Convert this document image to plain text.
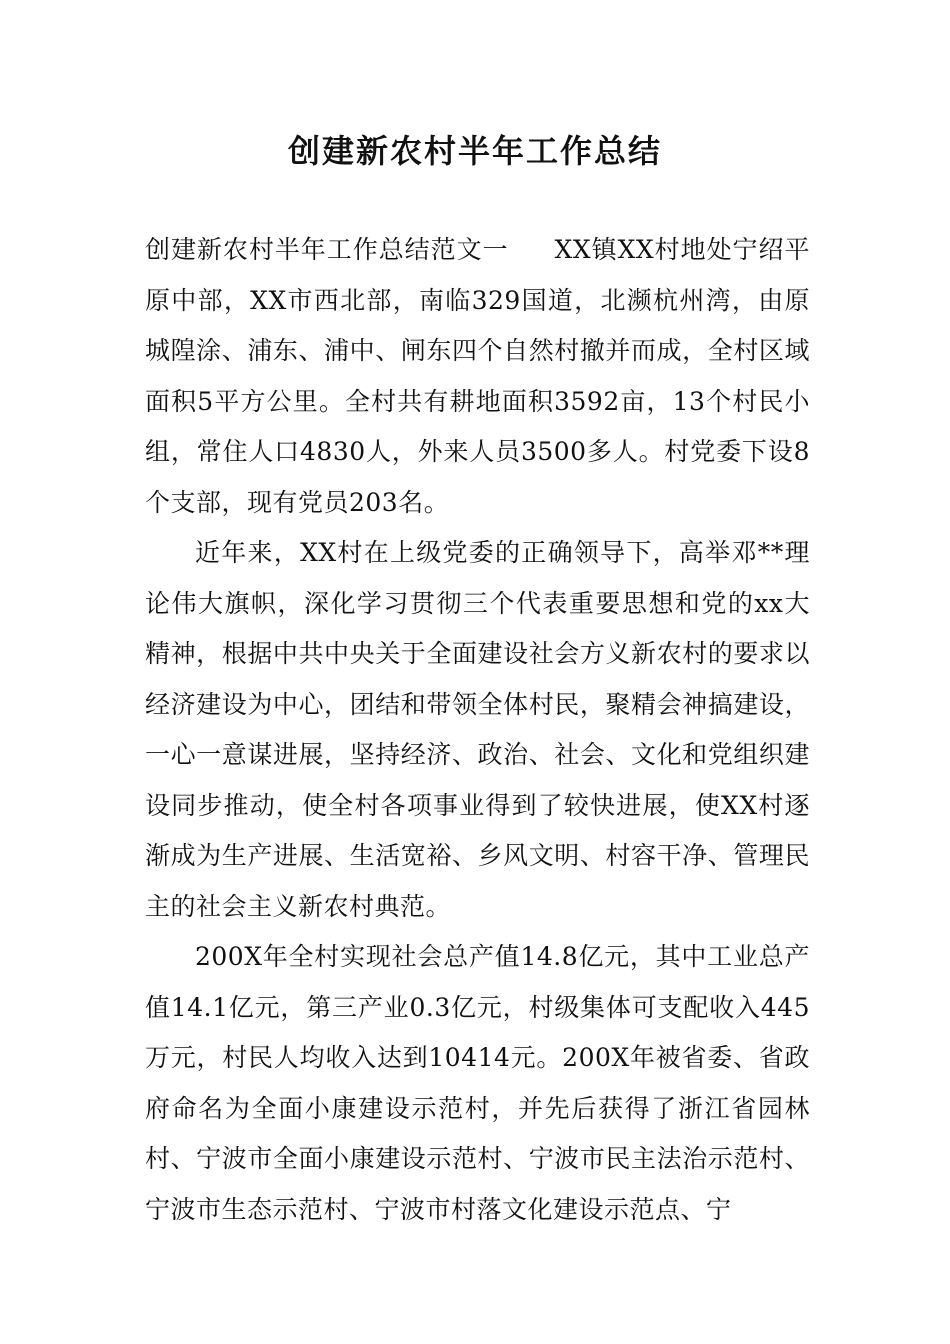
创建新农村半年工作总结

创建新农村半年工作总结范文一 XX镇XX村地处宁绍平原中部，XX市西北部，南临329国道，北濒杭州湾，由原城隍涂、浦东、浦中、闸东四个自然村撤并而成，全村区域面积5平方公里。全村共有耕地面积3592亩，13个村民小组，常住人口4830人，外来人员3500多人。村党委下设8个支部，现有党员203名。

近年来，XX村在上级党委的正确领导下，高举邓**理论伟大旗帜，深化学习贯彻三个代表重要思想和党的xx大精神，根据中共中央关于全面建设社会方义新农村的要求以经济建设为中心，团结和带领全体村民，聚精会神搞建设，一心一意谋进展，坚持经济、政治、社会、文化和党组织建设同步推动，使全村各项事业得到了较快进展，使XX村逐渐成为生产进展、生活宽裕、乡风文明、村容干净、管理民主的社会主义新农村典范。

200X年全村实现社会总产值14.8亿元，其中工业总产值14.1亿元，第三产业0.3亿元，村级集体可支配收入445万元，村民人均收入达到10414元。200X年被省委、省政府命名为全面小康建设示范村，并先后获得了浙江省园林村、宁波市全面小康建设示范村、宁波市民主法治示范村、宁波市生态示范村、宁波市村落文化建设示范点、宁
